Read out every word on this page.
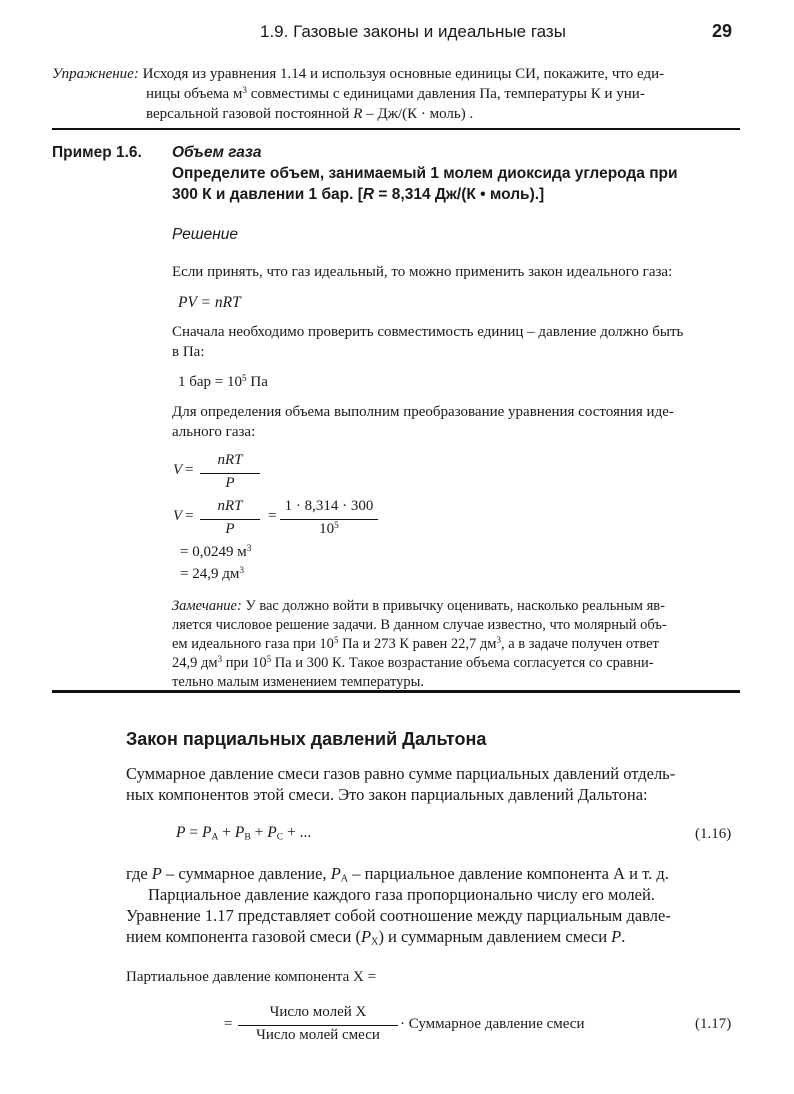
1.9. Газовые законы и идеальные газы	29
Упражнение: Исходя из уравнения 1.14 и используя основные единицы СИ, покажите, что еди-
ницы объема $м^3$ совместимы с единицами давления Па, температуры К и уни-
версальной газовой постоянной R – Дж/(К · моль) .
Пример 1.6. Объем газа
Определите объем, занимаемый 1 молем диоксида углерода при
300 К и давлении 1 бар. [R = 8,314 Дж/(К • моль).]
Решение
Если принять, что газ идеальный, то можно применить закон идеального газа:
PV = nRT
Сначала необходимо проверить совместимость единиц – давление должно быть
в Па:
1 бар = $10^5$ Па
Для определения объема выполним преобразование уравнения состояния иде-
ального газа:
V =
nRT
P
V =
nRT
P
=
1 · 8,314 · 300
$10^5$
= 0,0249 $м^3$
= 24,9 $дм^3$
Замечание: У вас должно войти в привычку оценивать, насколько реальным яв-
ляется числовое решение задачи. В данном случае известно, что молярный объ-
ем идеального газа при $10^5$ Па и 273 К равен 22,7 $дм^3$, а в задаче получен ответ
24,9 $дм^3$ при $10^5$ Па и 300 К. Такое возрастание объема согласуется со сравни-
тельно малым изменением температуры.
Закон парциальных давлений Дальтона
Суммарное давление смеси газов равно сумме парциальных давлений отдель-
ных компонентов этой смеси. Это закон парциальных давлений Дальтона:
$P = P_A + P_B + P_C$ + ...	(1.16)
где P – суммарное давление, $P_A$ – парциальное давление компонента А и т. д.
Парциальное давление каждого газа пропорционально числу его молей.
Уравнение 1.17 представляет собой соотношение между парциальным давле-
нием компонента газовой смеси $(P_X)$ и суммарным давлением смеси P.
Партиальное давление компонента X =
=
Число молей X
Число молей смеси
· Суммарное давление смеси	(1.17)
